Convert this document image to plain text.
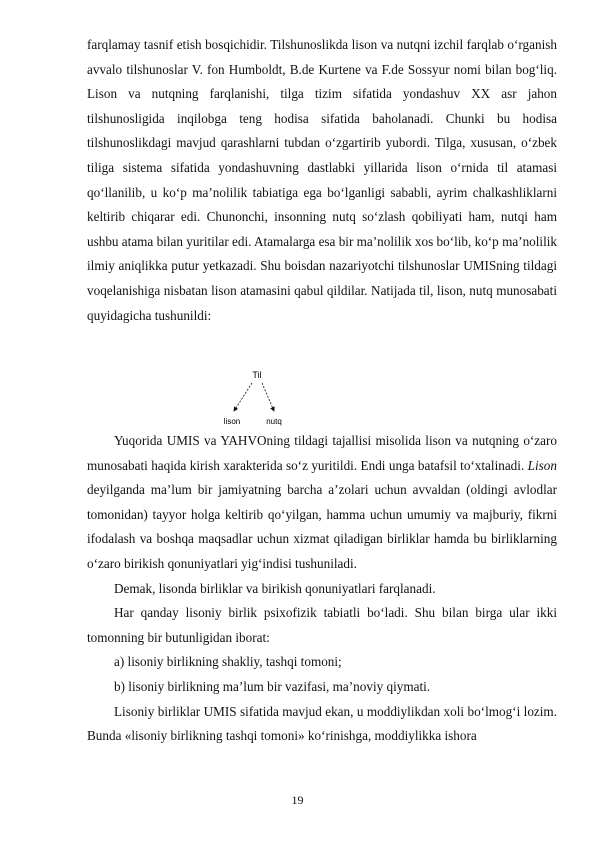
farqlamay tasnif etish bosqichidir. Tilshunoslikda lison va nutqni izchil farqlab o‘rganish avvalo tilshunoslar V. fon Humboldt, B.de Kurtene va F.de Sossyur nomi bilan bog‘liq. Lison va nutqning farqlanishi, tilga tizim sifatida yondashuv XX asr jahon tilshunosligida inqilobga teng hodisa sifatida baholanadi. Chunki bu hodisa tilshunoslikdagi mavjud qarashlarni tubdan o‘zgartirib yubordi. Tilga, xususan, o‘zbek tiliga sistema sifatida yondashuvning dastlabki yillarida lison o‘rnida til atamasi qo‘llanilib, u ko‘p ma’nolilik tabiatiga ega bo‘lganligi sababli, ayrim chalkashliklarni keltirib chiqarar edi. Chunonchi, insonning nutq so‘zlash qobiliyati ham, nutqi ham ushbu atama bilan yuritilar edi. Atamalarga esa bir ma’nolilik xos bo‘lib, ko‘p ma’nolilik ilmiy aniqlikka putur yetkazadi. Shu boisdan nazariyotchi tilshunoslar UMISning tildagi voqelanishiga nisbatan lison atamasini qabul qildilar. Natijada til, lison, nutq munosabati quyidagicha tushunildi:

Til
lison	nutq

Yuqorida UMIS va YAHVOning tildagi tajallisi misolida lison va nutqning o‘zaro munosabati haqida kirish xarakterida so‘z yuritildi. Endi unga batafsil to‘xtalinadi. Lison deyilganda ma’lum bir jamiyatning barcha a’zolari uchun avvaldan (oldingi avlodlar tomonidan) tayyor holga keltirib qo‘yilgan, hamma uchun umumiy va majburiy, fikrni ifodalash va boshqa maqsadlar uchun xizmat qiladigan birliklar hamda bu birliklarning o‘zaro birikish qonuniyatlari yig‘indisi tushuniladi.

Demak, lisonda birliklar va birikish qonuniyatlari farqlanadi.

Har qanday lisoniy birlik psixofizik tabiatli bo‘ladi. Shu bilan birga ular ikki tomonning bir butunligidan iborat:

a) lisoniy birlikning shakliy, tashqi tomoni;

b) lisoniy birlikning ma’lum bir vazifasi, ma’noviy qiymati.

Lisoniy birliklar UMIS sifatida mavjud ekan, u moddiylikdan xoli bo‘lmog‘i lozim. Bunda «lisoniy birlikning tashqi tomoni» ko‘rinishga, moddiylikka ishora

19
